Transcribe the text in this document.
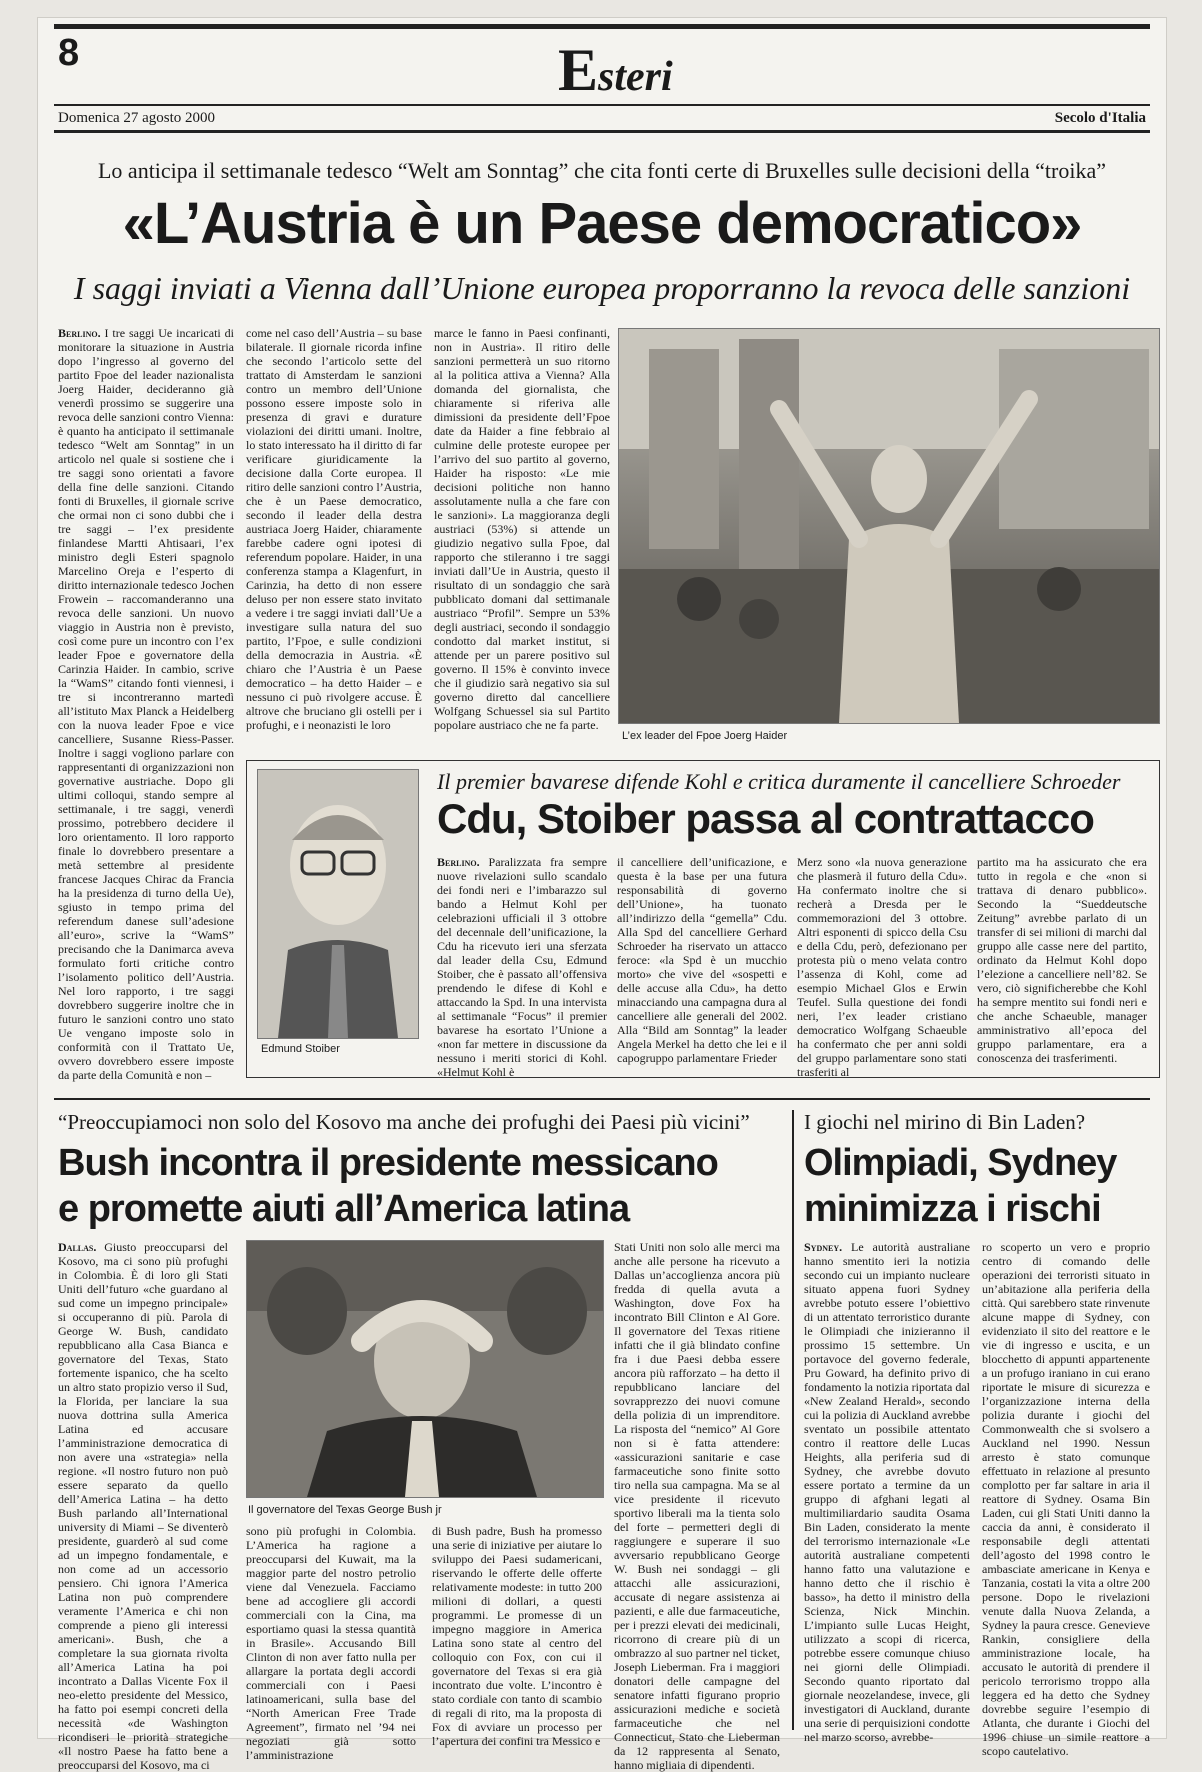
8	Esteri
Domenica 27 agosto 2000	Secolo d'Italia
Lo anticipa il settimanale tedesco “Welt am Sonntag” che cita fonti certe di Bruxelles sulle decisioni della “troika”
«L’Austria è un Paese democratico»
I saggi inviati a Vienna dall’Unione europea proporranno la revoca delle sanzioni
Berlino. I tre saggi Ue incaricati di monitorare la situazione in Austria dopo l’ingresso al governo del partito Fpoe del leader nazionalista Joerg Haider, decideranno già venerdì prossimo se suggerire una revoca delle sanzioni contro Vienna: è quanto ha anticipato il settimanale tedesco “Welt am Sonntag” in un articolo nel quale si sostiene che i tre saggi sono orientati a favore della fine delle sanzioni. Citando fonti di Bruxelles, il giornale scrive che ormai non ci sono dubbi che i tre saggi – l’ex presidente finlandese Martti Ahtisaari, l’ex ministro degli Esteri spagnolo Marcelino Oreja e l’esperto di diritto internazionale tedesco Jochen Frowein – raccomanderanno una revoca delle sanzioni. Un nuovo viaggio in Austria non è previsto, così come pure un incontro con l’ex leader Fpoe e governatore della Carinzia Haider. In cambio, scrive la “WamS” citando fonti viennesi, i tre si incontreranno martedì all’istituto Max Planck a Heidelberg con la nuova leader Fpoe e vice cancelliere, Susanne Riess-Passer. Inoltre i saggi vogliono parlare con rappresentanti di organizzazioni non governative austriache. Dopo gli ultimi colloqui, stando sempre al settimanale, i tre saggi, venerdì prossimo, potrebbero decidere il loro orientamento. Il loro rapporto finale lo dovrebbero presentare a metà settembre al presidente francese Jacques Chirac da Francia ha la presidenza di turno della Ue), sgiusto in tempo prima del referendum danese sull’adesione all’euro», scrive la “WamS” precisando che la Danimarca aveva formulato forti critiche contro l’isolamento politico dell’Austria. Nel loro rapporto, i tre saggi dovrebbero suggerire inoltre che in futuro le sanzioni contro uno stato Ue vengano imposte solo in conformità con il Trattato Ue, ovvero dovrebbero essere imposte da parte della Comunità e non –
come nel caso dell’Austria – su base bilaterale. Il giornale ricorda infine che secondo l’articolo sette del trattato di Amsterdam le sanzioni contro un membro dell’Unione possono essere imposte solo in presenza di gravi e durature violazioni dei diritti umani. Inoltre, lo stato interessato ha il diritto di far verificare giuridicamente la decisione dalla Corte europea. Il ritiro delle sanzioni contro l’Austria, che è un Paese democratico, secondo il leader della destra austriaca Joerg Haider, chiaramente farebbe cadere ogni ipotesi di referendum popolare. Haider, in una conferenza stampa a Klagenfurt, in Carinzia, ha detto di non essere deluso per non essere stato invitato a vedere i tre saggi inviati dall’Ue a investigare sulla natura del suo partito, l’Fpoe, e sulle condizioni della democrazia in Austria. «È chiaro che l’Austria è un Paese democratico – ha detto Haider – e nessuno ci può rivolgere accuse. È altrove che bruciano gli ostelli per i profughi, e i neonazisti le loro
marce le fanno in Paesi confinanti, non in Austria». Il ritiro delle sanzioni permetterà un suo ritorno al la politica attiva a Vienna? Alla domanda del giornalista, che chiaramente si riferiva alle dimissioni da presidente dell’Fpoe date da Haider a fine febbraio al culmine delle proteste europee per l’arrivo del suo partito al governo, Haider ha risposto: «Le mie decisioni politiche non hanno assolutamente nulla a che fare con le sanzioni». La maggioranza degli austriaci (53%) si attende un giudizio negativo sulla Fpoe, dal rapporto che stileranno i tre saggi inviati dall’Ue in Austria, questo il risultato di un sondaggio che sarà pubblicato domani dal settimanale austriaco “Profil”. Sempre un 53% degli austriaci, secondo il sondaggio condotto dal market institut, si attende per un parere positivo sul governo. Il 15% è convinto invece che il giudizio sarà negativo sia sul governo diretto dal cancelliere Wolfgang Schuessel sia sul Partito popolare austriaco che ne fa parte.
L’ex leader del Fpoe Joerg Haider
Edmund Stoiber
Il premier bavarese difende Kohl e critica duramente il cancelliere Schroeder
Cdu, Stoiber passa al contrattacco
Berlino. Paralizzata fra sempre nuove rivelazioni sullo scandalo dei fondi neri e l’imbarazzo sul bando a Helmut Kohl per celebrazioni ufficiali il 3 ottobre del decennale dell’unificazione, la Cdu ha ricevuto ieri una sferzata dal leader della Csu, Edmund Stoiber, che è passato all’offensiva prendendo le difese di Kohl e attaccando la Spd. In una intervista al settimanale “Focus” il premier bavarese ha esortato l’Unione a «non far mettere in discussione da nessuno i meriti storici di Kohl. «Helmut Kohl è
il cancelliere dell’unificazione, e questa è la base per una futura responsabilità di governo dell’Unione», ha tuonato all’indirizzo della “gemella” Cdu. Alla Spd del cancelliere Gerhard Schroeder ha riservato un attacco feroce: «la Spd è un mucchio morto» che vive del «sospetti e delle accuse alla Cdu», ha detto minacciando una campagna dura al cancelliere alle generali del 2002. Alla “Bild am Sonntag” la leader Angela Merkel ha detto che lei e il capogruppo parlamentare Frieder
Merz sono «la nuova generazione che plasmerà il futuro della Cdu». Ha confermato inoltre che si recherà a Dresda per le commemorazioni del 3 ottobre. Altri esponenti di spicco della Csu e della Cdu, però, defezionano per protesta più o meno velata contro l’assenza di Kohl, come ad esempio Michael Glos e Erwin Teufel. Sulla questione dei fondi neri, l’ex leader cristiano democratico Wolfgang Schaeuble ha confermato che per anni soldi del gruppo parlamentare sono stati trasferiti al
partito ma ha assicurato che era tutto in regola e che «non si trattava di denaro pubblico». Secondo la “Sueddeutsche Zeitung” avrebbe parlato di un transfer di sei milioni di marchi dal gruppo alle casse nere del partito, ordinato da Helmut Kohl dopo l’elezione a cancelliere nell’82. Se vero, ciò significherebbe che Kohl ha sempre mentito sui fondi neri e che anche Schaeuble, manager amministrativo all’epoca del gruppo parlamentare, era a conoscenza dei trasferimenti.
“Preoccupiamoci non solo del Kosovo ma anche dei profughi dei Paesi più vicini”
Bush incontra il presidente messicano
e promette aiuti all’America latina
Dallas. Giusto preoccuparsi del Kosovo, ma ci sono più profughi in Colombia. È di loro gli Stati Uniti dell’futuro «che guardano al sud come un impegno principale» si occuperanno di più. Parola di George W. Bush, candidato repubblicano alla Casa Bianca e governatore del Texas, Stato fortemente ispanico, che ha scelto un altro stato propizio verso il Sud, la Florida, per lanciare la sua nuova dottrina sulla America Latina ed accusare l’amministrazione democratica di non avere una «strategia» nella regione. «Il nostro futuro non può essere separato da quello dell’America Latina – ha detto Bush parlando all’International university di Miami – Se diventerò presidente, guarderò al sud come ad un impegno fondamentale, e non come ad un accessorio pensiero. Chi ignora l’America Latina non può comprendere veramente l’America e chi non comprende a pieno gli interessi americani». Bush, che a completare la sua giornata rivolta all’America Latina ha poi incontrato a Dallas Vicente Fox il neo-eletto presidente del Messico, ha fatto poi esempi concreti della necessità «de Washington ricondiseri le priorità strategiche «Il nostro Paese ha fatto bene a preoccuparsi del Kosovo, ma ci
Il governatore del Texas George Bush jr
sono più profughi in Colombia. L’America ha ragione a preoccuparsi del Kuwait, ma la maggior parte del nostro petrolio viene dal Venezuela. Facciamo bene ad accogliere gli accordi commerciali con la Cina, ma esportiamo quasi la stessa quantità in Brasile». Accusando Bill Clinton di non aver fatto nulla per allargare la portata degli accordi commerciali con i Paesi latinoamericani, sulla base del “North American Free Trade Agreement”, firmato nel ’94 nei negoziati già sotto l’amministrazione
di Bush padre, Bush ha promesso una serie di iniziative per aiutare lo sviluppo dei Paesi sudamericani, riservando le offerte delle offerte relativamente modeste: in tutto 200 milioni di dollari, a questi programmi. Le promesse di un impegno maggiore in America Latina sono state al centro del colloquio con Fox, con cui il governatore del Texas si era già incontrato due volte. L’incontro è stato cordiale con tanto di scambio di regali di rito, ma la proposta di Fox di avviare un processo per l’apertura dei confini tra Messico e
Stati Uniti non solo alle merci ma anche alle persone ha ricevuto a Dallas un’accoglienza ancora più fredda di quella avuta a Washington, dove Fox ha incontrato Bill Clinton e Al Gore. Il governatore del Texas ritiene infatti che il già blindato confine fra i due Paesi debba essere ancora più rafforzato – ha detto il repubblicano lanciare del sovrapprezzo dei nuovi comune della polizia di un imprenditore. La risposta del “nemico” Al Gore non si è fatta attendere: «assicurazioni sanitarie e case farmaceutiche sono finite sotto tiro nella sua campagna. Ma se al vice presidente il ricevuto sportivo liberali ma la tienta solo del forte – permetteri degli di raggiungere e superare il suo avversario repubblicano George W. Bush nei sondaggi – gli attacchi alle assicurazioni, accusate di negare assistenza ai pazienti, e alle due farmaceutiche, per i prezzi elevati dei medicinali, ricorrono di creare più di un ombrazzo al suo partner nel ticket, Joseph Lieberman. Fra i maggiori donatori delle campagne del senatore infatti figurano proprio assicurazioni mediche e società farmaceutiche che nel Connecticut, Stato che Lieberman da 12 rappresenta al Senato, hanno migliaia di dipendenti.
I giochi nel mirino di Bin Laden?
Olimpiadi, Sydney minimizza i rischi
Sydney. Le autorità australiane hanno smentito ieri la notizia secondo cui un impianto nucleare situato appena fuori Sydney avrebbe potuto essere l’obiettivo di un attentato terroristico durante le Olimpiadi che inizieranno il prossimo 15 settembre. Un portavoce del governo federale, Pru Goward, ha definito privo di fondamento la notizia riportata dal «New Zealand Herald», secondo cui la polizia di Auckland avrebbe sventato un possibile attentato contro il reattore delle Lucas Heights, alla periferia sud di Sydney, che avrebbe dovuto essere portato a termine da un gruppo di afghani legati al multimiliardario saudita Osama Bin Laden, considerato la mente del terrorismo internazionale «Le autorità australiane competenti hanno fatto una valutazione e hanno detto che il rischio è basso», ha detto il ministro della Scienza, Nick Minchin. L’impianto sulle Lucas Height, utilizzato a scopi di ricerca, potrebbe essere comunque chiuso nei giorni delle Olimpiadi. Secondo quanto riportato dal giornale neozelandese, invece, gli investigatori di Auckland, durante una serie di perquisizioni condotte nel marzo scorso, avrebbe-
ro scoperto un vero e proprio centro di comando delle operazioni dei terroristi situato in un’abitazione alla periferia della città. Qui sarebbero state rinvenute alcune mappe di Sydney, con evidenziato il sito del reattore e le vie di ingresso e uscita, e un blocchetto di appunti appartenente a un profugo iraniano in cui erano riportate le misure di sicurezza e l’organizzazione interna della polizia durante i giochi del Commonwealth che si svolsero a Auckland nel 1990. Nessun arresto è stato comunque effettuato in relazione al presunto complotto per far saltare in aria il reattore di Sydney. Osama Bin Laden, cui gli Stati Uniti danno la caccia da anni, è considerato il responsabile degli attentati dell’agosto del 1998 contro le ambasciate americane in Kenya e Tanzania, costati la vita a oltre 200 persone. Dopo le rivelazioni venute dalla Nuova Zelanda, a Sydney la paura cresce. Genevieve Rankin, consigliere della amministrazione locale, ha accusato le autorità di prendere il pericolo terrorismo troppo alla leggera ed ha detto che Sydney dovrebbe seguire l’esempio di Atlanta, che durante i Giochi del 1996 chiuse un simile reattore a scopo cautelativo.
